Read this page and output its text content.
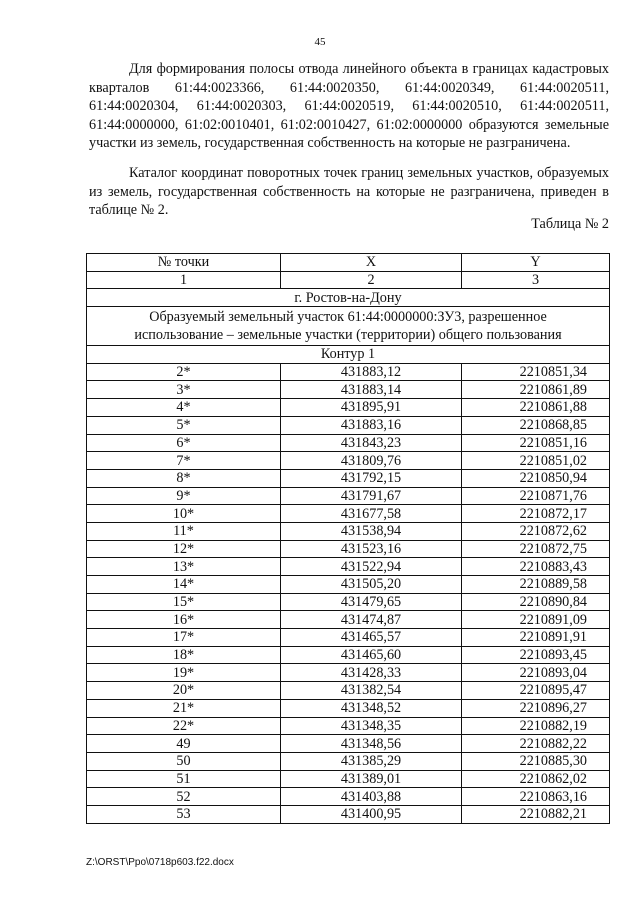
45

Для формирования полосы отвода линейного объекта в границах кадастровых кварталов 61:44:0023366, 61:44:0020350, 61:44:0020349, 61:44:0020511, 61:44:0020304, 61:44:0020303, 61:44:0020519, 61:44:0020510, 61:44:0020511, 61:44:0000000, 61:02:0010401, 61:02:0010427, 61:02:0000000 образуются земельные участки из земель, государственная собственность на которые не разграничена.

Каталог координат поворотных точек границ земельных участков, образуемых из земель, государственная собственность на которые не разграничена, приведен в таблице № 2.

Таблица № 2
№ точки	X	Y
1	2	3
г. Ростов-на-Дону		
Образуемый земельный участок 61:44:0000000:ЗУ3, разрешенное использование – земельные участки (территории) общего пользования		
Контур 1		
2*	431883,12	2210851,34
3*	431883,14	2210861,89
4*	431895,91	2210861,88
5*	431883,16	2210868,85
6*	431843,23	2210851,16
7*	431809,76	2210851,02
8*	431792,15	2210850,94
9*	431791,67	2210871,76
10*	431677,58	2210872,17
11*	431538,94	2210872,62
12*	431523,16	2210872,75
13*	431522,94	2210883,43
14*	431505,20	2210889,58
15*	431479,65	2210890,84
16*	431474,87	2210891,09
17*	431465,57	2210891,91
18*	431465,60	2210893,45
19*	431428,33	2210893,04
20*	431382,54	2210895,47
21*	431348,52	2210896,27
22*	431348,35	2210882,19
49	431348,56	2210882,22
50	431385,29	2210885,30
51	431389,01	2210862,02
52	431403,88	2210863,16
53	431400,95	2210882,21
Z:\ORST\Ppo\0718p603.f22.docx
